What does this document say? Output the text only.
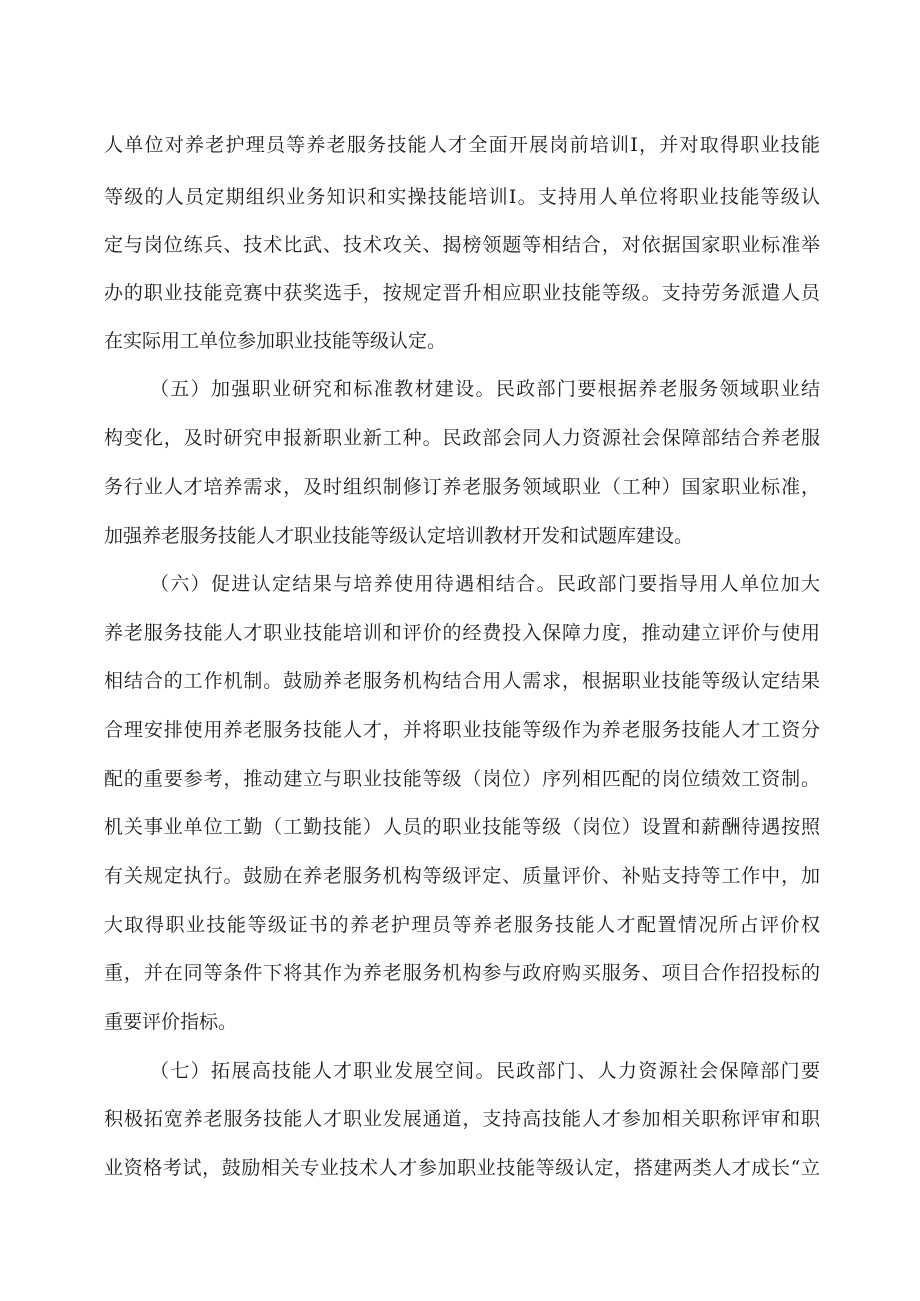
人单位对养老护理员等养老服务技能人才全面开展岗前培训I，并对取得职业技能
等级的人员定期组织业务知识和实操技能培训I。支持用人单位将职业技能等级认
定与岗位练兵、技术比武、技术攻关、揭榜领题等相结合，对依据国家职业标准举
办的职业技能竞赛中获奖选手，按规定晋升相应职业技能等级。支持劳务派遣人员
在实际用工单位参加职业技能等级认定。
（五）加强职业研究和标准教材建设。民政部门要根据养老服务领域职业结
构变化，及时研究申报新职业新工种。民政部会同人力资源社会保障部结合养老服
务行业人才培养需求，及时组织制修订养老服务领域职业（工种）国家职业标准，
加强养老服务技能人才职业技能等级认定培训教材开发和试题库建设。
（六）促进认定结果与培养使用待遇相结合。民政部门要指导用人单位加大
养老服务技能人才职业技能培训和评价的经费投入保障力度，推动建立评价与使用
相结合的工作机制。鼓励养老服务机构结合用人需求，根据职业技能等级认定结果
合理安排使用养老服务技能人才，并将职业技能等级作为养老服务技能人才工资分
配的重要参考，推动建立与职业技能等级（岗位）序列相匹配的岗位绩效工资制。
机关事业单位工勤（工勤技能）人员的职业技能等级（岗位）设置和薪酬待遇按照
有关规定执行。鼓励在养老服务机构等级评定、质量评价、补贴支持等工作中，加
大取得职业技能等级证书的养老护理员等养老服务技能人才配置情况所占评价权
重，并在同等条件下将其作为养老服务机构参与政府购买服务、项目合作招投标的
重要评价指标。
（七）拓展高技能人才职业发展空间。民政部门、人力资源社会保障部门要
积极拓宽养老服务技能人才职业发展通道，支持高技能人才参加相关职称评审和职
业资格考试，鼓励相关专业技术人才参加职业技能等级认定，搭建两类人才成长“立
